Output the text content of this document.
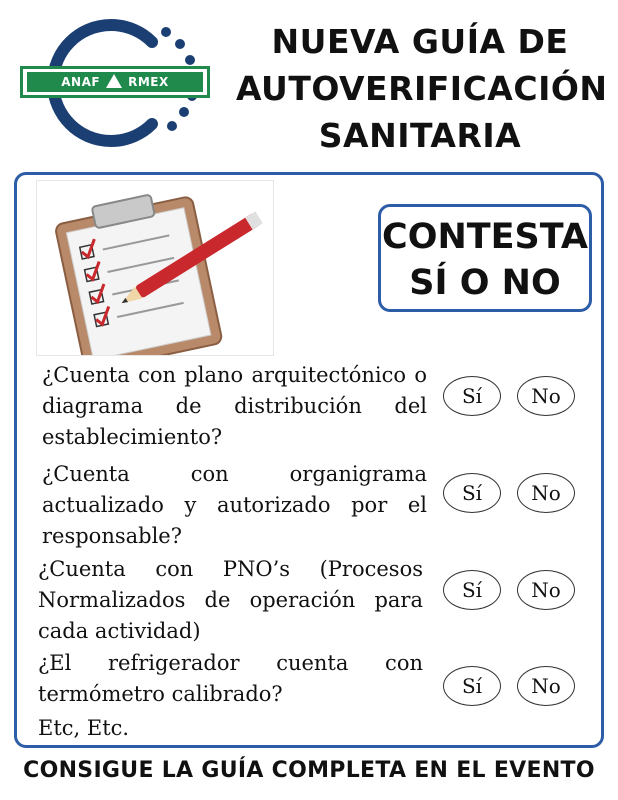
ANAF RMEX
NUEVA GUÍA DE
AUTOVERIFICACIÓN
SANITARIA
CONTESTA
SÍ O NO
¿Cuenta con plano arquitectónico o diagrama de distribución del establecimiento?
Sí	No
¿Cuenta con organigrama actualizado y autorizado por el responsable?
Sí	No
¿Cuenta con PNO’s (Procesos Normalizados de operación para cada actividad)
Sí	No
¿El refrigerador cuenta con termómetro calibrado?	Sí	No
Etc, Etc.
CONSIGUE LA GUÍA COMPLETA EN EL EVENTO
